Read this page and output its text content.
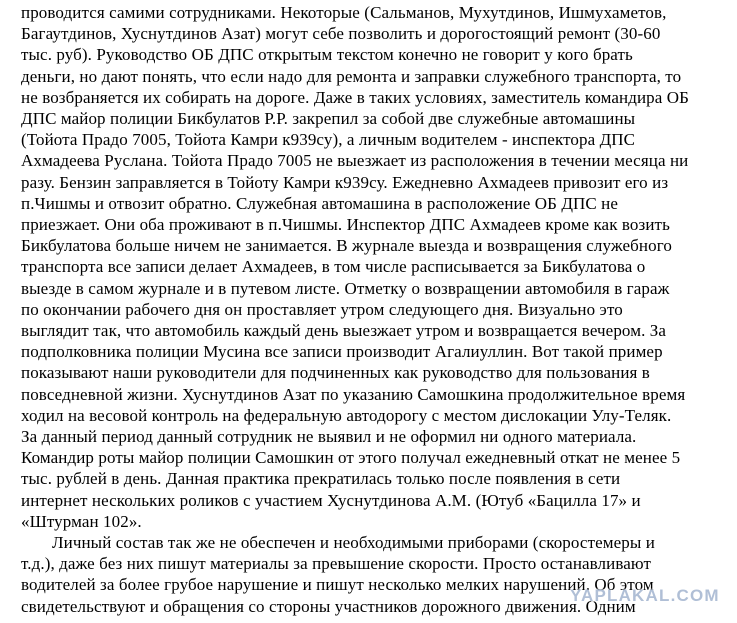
проводится самими сотрудниками. Некоторые (Сальманов, Мухутдинов, Ишмухаметов,
Багаутдинов, Хуснутдинов Азат) могут себе позволить и дорогостоящий ремонт (30-60
тыс. руб). Руководство ОБ ДПС открытым текстом конечно не говорит у кого брать
деньги, но дают понять, что если надо для ремонта и заправки служебного транспорта, то
не возбраняется их собирать на дороге. Даже в таких условиях, заместитель командира ОБ
ДПС майор полиции Бикбулатов Р.Р. закрепил за собой две служебные автомашины
(Тойота Прадо 7005, Тойота Камри к939су), а личным водителем - инспектора ДПС
Ахмадеева Руслана. Тойота Прадо 7005 не выезжает из расположения в течении месяца ни
разу. Бензин заправляется в Тойоту Камри к939су. Ежедневно Ахмадеев привозит его из
п.Чишмы и отвозит обратно. Служебная автомашина в расположение ОБ ДПС не
приезжает. Они оба проживают в п.Чишмы. Инспектор ДПС Ахмадеев кроме как возить
Бикбулатова больше ничем не занимается. В журнале выезда и возвращения служебного
транспорта все записи делает Ахмадеев, в том числе расписывается за Бикбулатова о
выезде в самом журнале и в путевом листе. Отметку о возвращении автомобиля в гараж
по окончании рабочего дня он проставляет утром следующего дня. Визуально это
выглядит так, что автомобиль каждый день выезжает утром и возвращается вечером. За
подполковника полиции Мусина все записи производит Агалиуллин. Вот такой пример
показывают наши руководители для подчиненных как руководство для пользования в
повседневной жизни. Хуснутдинов Азат по указанию Самошкина продолжительное время
ходил на весовой контроль на федеральную автодорогу с местом дислокации Улу-Теляк.
За данный период данный сотрудник не выявил и не оформил ни одного материала.
Командир роты майор полиции Самошкин от этого получал ежедневный откат не менее 5
тыс. рублей в день. Данная практика прекратилась только после появления в сети
интернет нескольких роликов с участием Хуснутдинова А.М. (Ютуб «Бацилла 17» и
«Штурман 102».
Личный состав так же не обеспечен и необходимыми приборами (скоростемеры и
т.д.), даже без них пишут материалы за превышение скорости. Просто останавливают
водителей за более грубое нарушение и пишут несколько мелких нарушений. Об этом
свидетельствуют и обращения со стороны участников дорожного движения. Одним
YAPLAKAL.COM
